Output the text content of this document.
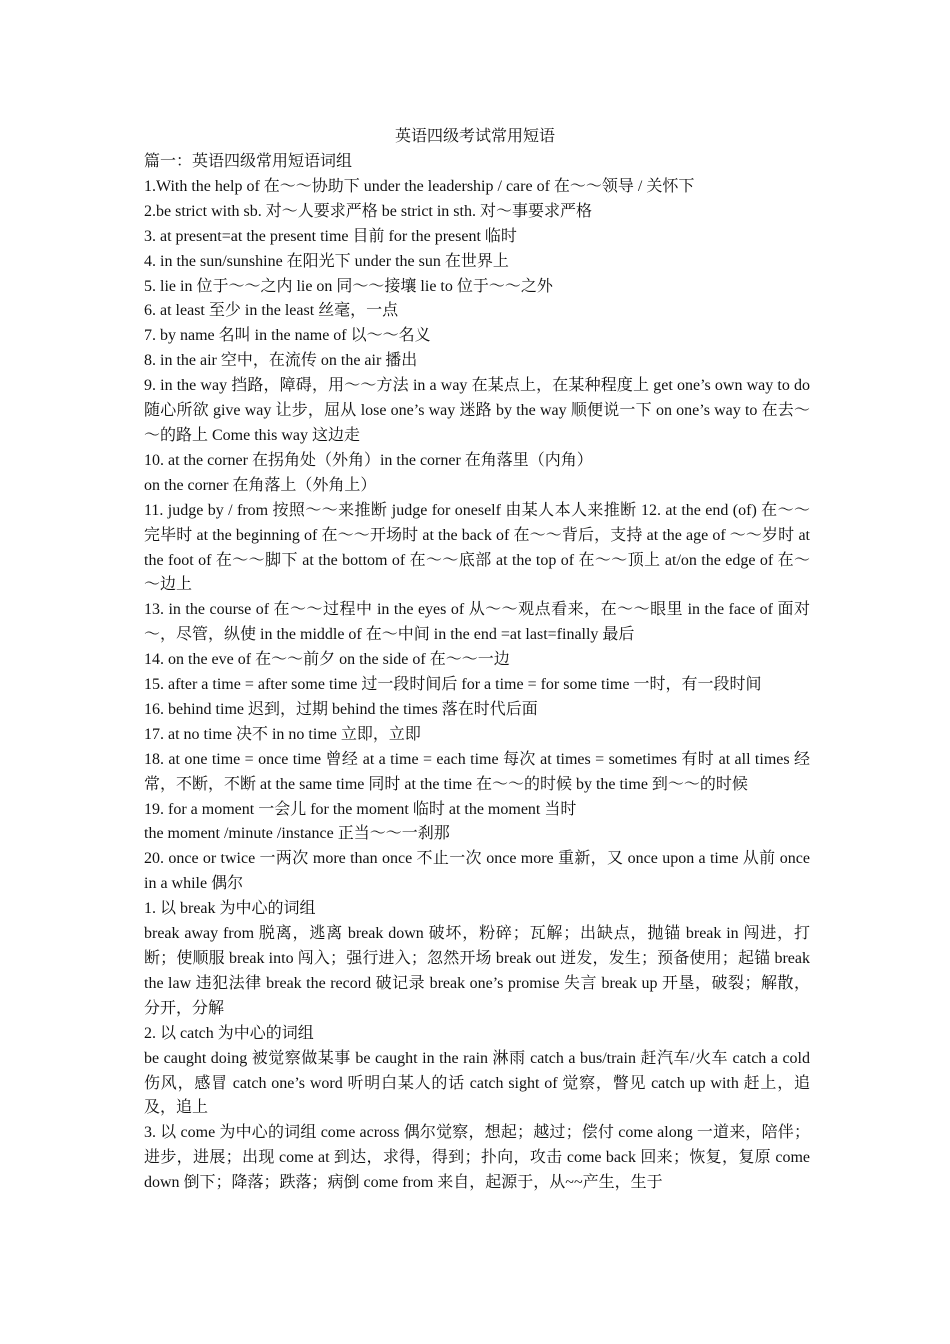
英语四级考试常用短语

篇一：英语四级常用短语词组

1.With the help of 在～～协助下 under the leadership / care of 在～～领导 / 关怀下

2.be strict with sb. 对～人要求严格 be strict in sth. 对～事要求严格

3. at present=at the present time 目前 for the present 临时

4. in the sun/sunshine 在阳光下 under the sun 在世界上

5. lie in 位于～～之内 lie on 同～～接壤 lie to 位于～～之外

6. at least 至少 in the least 丝毫，一点

7. by name 名叫 in the name of 以～～名义

8. in the air 空中，在流传 on the air 播出

9. in the way 挡路，障碍，用～～方法 in a way 在某点上，在某种程度上 get one’s own way to do 随心所欲 give way 让步，屈从 lose one’s way 迷路 by the way 顺便说一下 on one’s way to 在去～～的路上 Come this way 这边走

10. at the corner 在拐角处（外角）in the corner 在角落里（内角）

on the corner 在角落上（外角上）

11. judge by / from 按照～～来推断 judge for oneself 由某人本人来推断 12. at the end (of) 在～～完毕时 at the beginning of 在～～开场时 at the back of 在～～背后，支持 at the age of ～～岁时 at the foot of 在～～脚下 at the bottom of 在～～底部 at the top of 在～～顶上 at/on the edge of 在～～边上

13. in the course of 在～～过程中 in the eyes of 从～～观点看来，在～～眼里 in the face of 面对～，尽管，纵使 in the middle of 在～中间 in the end =at last=finally 最后

14. on the eve of 在～～前夕 on the side of 在～～一边

15. after a time = after some time 过一段时间后 for a time = for some time 一时，有一段时间

16. behind time 迟到，过期 behind the times 落在时代后面

17. at no time 决不 in no time 立即，立即

18. at one time = once time 曾经 at a time = each time 每次 at times = sometimes 有时 at all times 经常，不断，不断 at the same time 同时 at the time 在～～的时候 by the time 到～～的时候

19. for a moment 一会儿 for the moment 临时 at the moment 当时

the moment /minute /instance 正当～～一刹那

20. once or twice 一两次 more than once 不止一次 once more 重新，又 once upon a time 从前 once in a while 偶尔

1. 以 break 为中心的词组

break away from 脱离，逃离 break down 破坏，粉碎；瓦解；出缺点，抛锚 break in 闯进，打断；使顺服 break into 闯入；强行进入；忽然开场 break out 迸发，发生；预备使用；起锚 break the law 违犯法律 break the record 破记录 break one’s promise 失言 break up 开垦，破裂；解散，分开，分解

2. 以 catch 为中心的词组

be caught doing 被觉察做某事 be caught in the rain 淋雨 catch a bus/train 赶汽车/火车 catch a cold 伤风，感冒 catch one’s word 听明白某人的话 catch sight of 觉察，瞥见 catch up with 赶上，追及，追上

3. 以 come 为中心的词组 come across 偶尔觉察，想起；越过；偿付 come along 一道来，陪伴；进步，进展；出现 come at 到达，求得，得到；扑向，攻击 come back 回来；恢复，复原 come down 倒下；降落；跌落；病倒 come from 来自，起源于，从~~产生，生于
